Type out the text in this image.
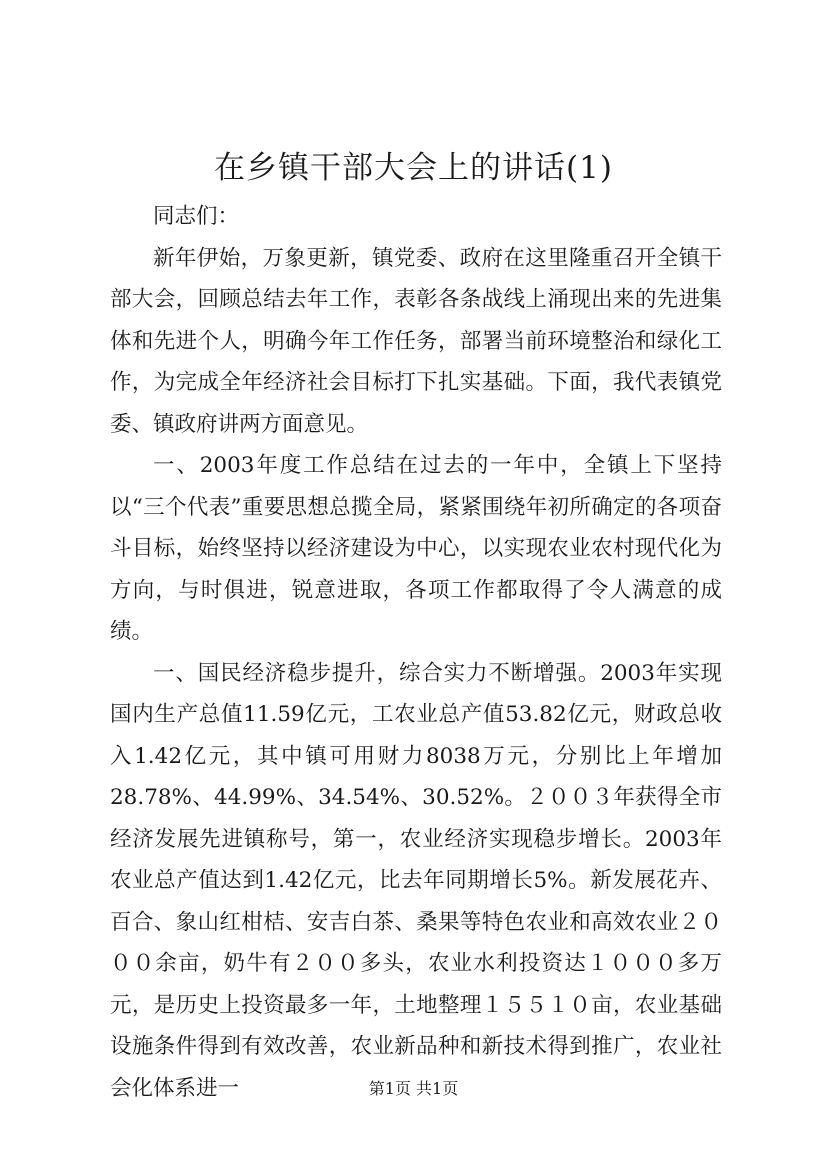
在乡镇干部大会上的讲话(1)

同志们：

新年伊始，万象更新，镇党委、政府在这里隆重召开全镇干部大会，回顾总结去年工作，表彰各条战线上涌现出来的先进集体和先进个人，明确今年工作任务，部署当前环境整治和绿化工作，为完成全年经济社会目标打下扎实基础。下面，我代表镇党委、镇政府讲两方面意见。

一、2003年度工作总结在过去的一年中，全镇上下坚持以“三个代表”重要思想总揽全局，紧紧围绕年初所确定的各项奋斗目标，始终坚持以经济建设为中心，以实现农业农村现代化为方向，与时俱进，锐意进取，各项工作都取得了令人满意的成绩。

一、国民经济稳步提升，综合实力不断增强。2003年实现国内生产总值11.59亿元，工农业总产值53.82亿元，财政总收入1.42亿元，其中镇可用财力8038万元，分别比上年增加28.78%、44.99%、34.54%、30.52%。２００３年获得全市经济发展先进镇称号，第一，农业经济实现稳步增长。2003年农业总产值达到1.42亿元，比去年同期增长5%。新发展花卉、百合、象山红柑桔、安吉白茶、桑果等特色农业和高效农业２０００余亩，奶牛有２００多头，农业水利投资达１０００多万元，是历史上投资最多一年，土地整理１５５１０亩，农业基础设施条件得到有效改善，农业新品种和新技术得到推广，农业社会化体系进一	第1页 共1页
